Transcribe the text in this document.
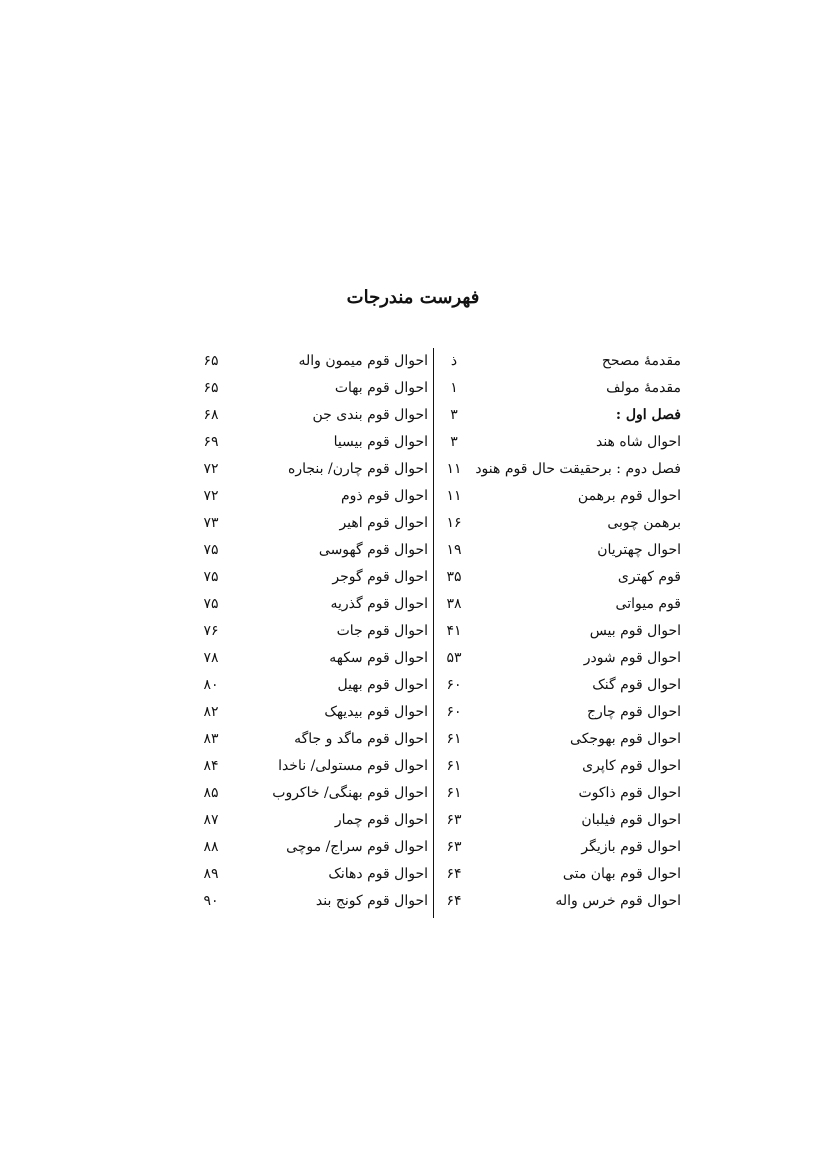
فهرست مندرجات
مقدمهٔ مصحح
ذ
احوال قوم میمون واله
۶۵
مقدمهٔ مولف
۱
احوال قوم بهات
۶۵
فصل اول :
۳
احوال قوم بندی جن
۶۸
احوال شاه هند
۳
احوال قوم بیسیا
۶۹
فصل دوم : برحقیقت حال قوم هنود
۱۱
احوال قوم چارن/ بنجاره
۷۲
احوال قوم برهمن
۱۱
احوال قوم ذوم
۷۲
برهمن چوبی
۱۶
احوال قوم اهیر
۷۳
احوال چهتریان
۱۹
احوال قوم گهوسی
۷۵
قوم کهتری
۳۵
احوال قوم گوجر
۷۵
قوم میواتی
۳۸
احوال قوم گذریه
۷۵
احوال قوم بیس
۴۱
احوال قوم جات
۷۶
احوال قوم شودر
۵۳
احوال قوم سکهه
۷۸
احوال قوم گنک
۶۰
احوال قوم بهیل
۸۰
احوال قوم چارج
۶۰
احوال قوم بیدیهک
۸۲
احوال قوم بهوجکی
۶۱
احوال قوم ماگد و جاگه
۸۳
احوال قوم کاپری
۶۱
احوال قوم مستولی/ ناخدا
۸۴
احوال قوم ذاکوت
۶۱
احوال قوم بهنگی/ خاکروب
۸۵
احوال قوم فیلبان
۶۳
احوال قوم چمار
۸۷
احوال قوم بازیگر
۶۳
احوال قوم سراج/ موچی
۸۸
احوال قوم بهان متی
۶۴
احوال قوم دهانک
۸۹
احوال قوم خرس واله
۶۴
احوال قوم کونج بند
۹۰
